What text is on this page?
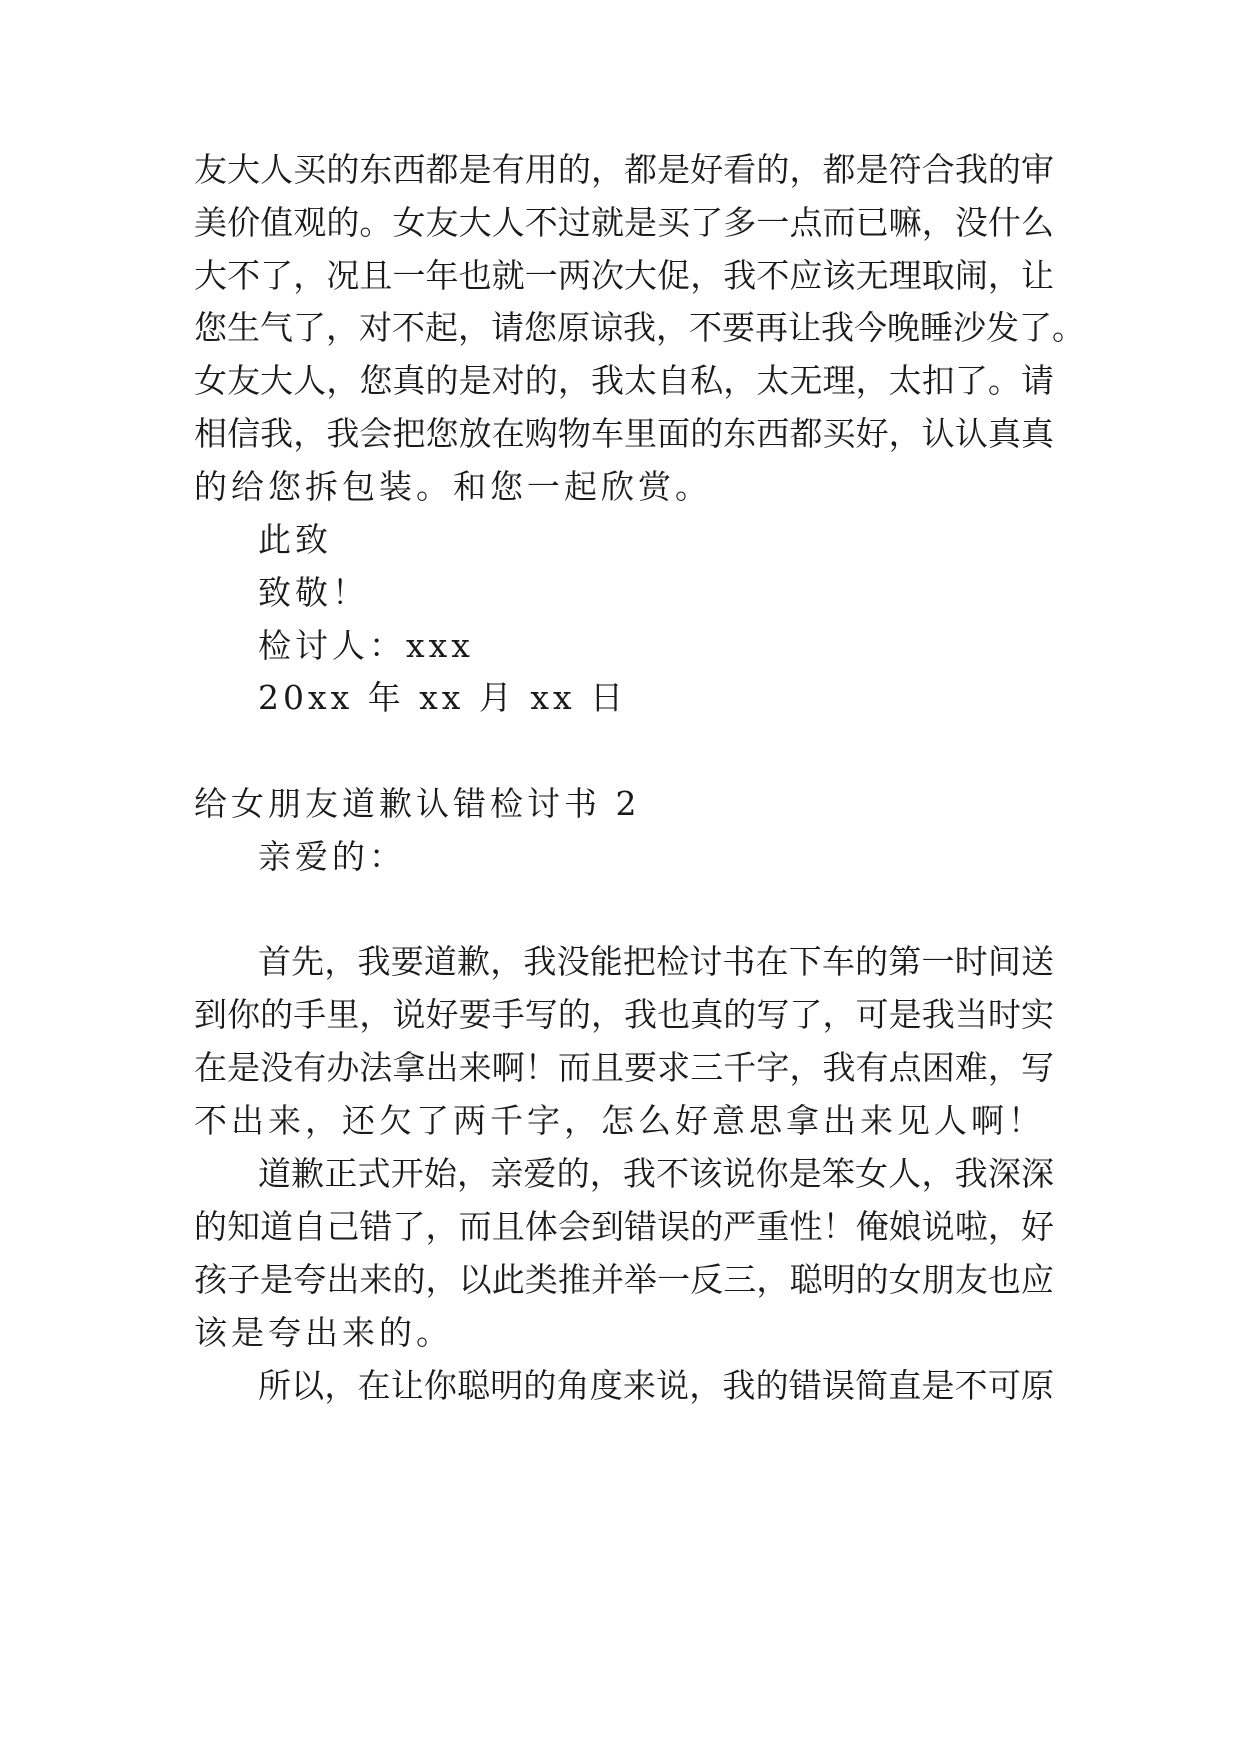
友大人买的东西都是有用的，都是好看的，都是符合我的审
美价值观的。女友大人不过就是买了多一点而已嘛，没什么
大不了，况且一年也就一两次大促，我不应该无理取闹，让
您生气了，对不起，请您原谅我，不要再让我今晚睡沙发了。
女友大人，您真的是对的，我太自私，太无理，太扣了。请
相信我，我会把您放在购物车里面的东西都买好，认认真真
的给您拆包装。和您一起欣赏。
此致
致敬！
检讨人：xxx
20xx 年 xx 月 xx 日
给女朋友道歉认错检讨书 2
亲爱的：
首先，我要道歉，我没能把检讨书在下车的第一时间送
到你的手里，说好要手写的，我也真的写了，可是我当时实
在是没有办法拿出来啊！而且要求三千字，我有点困难，写
不出来，还欠了两千字，怎么好意思拿出来见人啊！
道歉正式开始，亲爱的，我不该说你是笨女人，我深深
的知道自己错了，而且体会到错误的严重性！俺娘说啦，好
孩子是夸出来的，以此类推并举一反三，聪明的女朋友也应
该是夸出来的。
所以，在让你聪明的角度来说，我的错误简直是不可原
